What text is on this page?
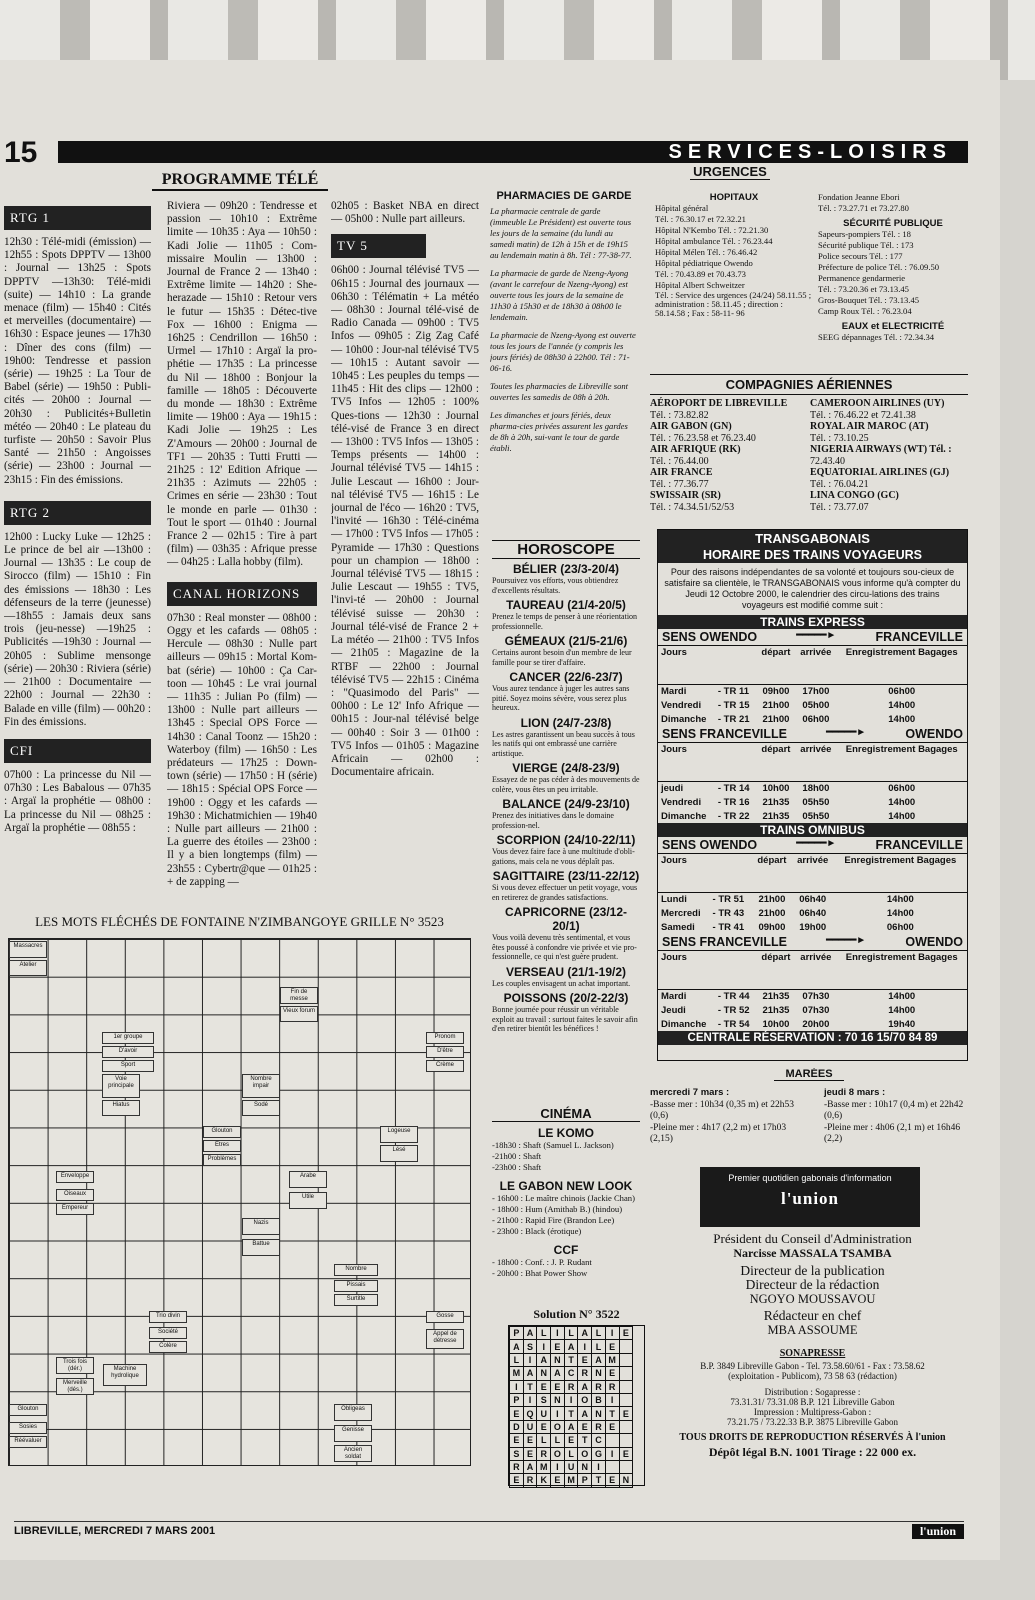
15	SERVICES-LOISIRS
PROGRAMME TÉLÉ
RTG 1

12h30 : Télé-midi (émission) —12h55 : Spots DPPTV — 13h00 : Journal — 13h25 : Spots DPPTV —13h30: Télé-midi (suite) — 14h10 : La grande menace (film) — 15h40 : Cités et merveilles (documentaire) — 16h30 : Espace jeunes — 17h30 : Dîner des cons (film) — 19h00: Tendresse et passion (série) — 19h25 : La Tour de Babel (série) — 19h50 : Publi-cités — 20h00 : Journal — 20h30 : Publicités+Bulletin météo — 20h40 : Le plateau du turfiste — 20h50 : Savoir Plus Santé — 21h50 : Angoisses (série) — 23h00 : Journal — 23h15 : Fin des émissions.

RTG 2

12h00 : Lucky Luke — 12h25 : Le prince de bel air —13h00 : Journal — 13h35 : Le coup de Sirocco (film) — 15h10 : Fin des émissions — 18h30 : Les défenseurs de la terre (jeunesse) —18h55 : Jamais deux sans trois (jeu-nesse) —19h25 : Publicités —19h30 : Journal — 20h05 : Sublime mensonge (série) — 20h30 : Riviera (série) — 21h00 : Documentaire — 22h00 : Journal — 22h30 : Balade en ville (film) — 00h20 : Fin des émissions.

CFI

07h00 : La princesse du Nil — 07h30 : Les Babalous — 07h35 : Argaï la prophétie — 08h00 : La princesse du Nil — 08h25 : Argaï la prophétie — 08h55 :

Riviera — 09h20 : Tendresse et passion — 10h10 : Extrême limite — 10h35 : Aya — 10h50 : Kadi Jolie — 11h05 : Com-missaire Moulin — 13h00 : Journal de France 2 — 13h40 : Extrême limite — 14h20 : She-herazade — 15h10 : Retour vers le futur — 15h35 : Détec-tive Fox — 16h00 : Enigma — 16h25 : Cendrillon — 16h50 : Urmel — 17h10 : Argaï la pro-phétie — 17h35 : La princesse du Nil — 18h00 : Bonjour la famille — 18h05 : Découverte du monde — 18h30 : Extrême limite — 19h00 : Aya — 19h15 : Kadi Jolie — 19h25 : Les Z'Amours — 20h00 : Journal de TF1 — 20h35 : Tutti Frutti — 21h25 : 12' Edition Afrique — 21h35 : Azimuts — 22h05 : Crimes en série — 23h30 : Tout le monde en parle — 01h30 : Tout le sport — 01h40 : Journal France 2 — 02h15 : Tire à part (film) — 03h35 : Afrique presse — 04h25 : Lalla hobby (film).

CANAL HORIZONS

07h30 : Real monster — 08h00 : Oggy et les cafards — 08h05 : Hercule — 08h30 : Nulle part ailleurs — 09h15 : Mortal Kom-bat (série) — 10h00 : Ça Car-toon — 10h45 : Le vrai journal — 11h35 : Julian Po (film) — 13h00 : Nulle part ailleurs — 13h45 : Special OPS Force — 14h30 : Canal Toonz — 15h20 : Waterboy (film) — 16h50 : Les prédateurs — 17h25 : Down-town (série) — 17h50 : H (série) — 18h15 : Spécial OPS Force — 19h00 : Oggy et les cafards — 19h30 : Michatmichien — 19h40 : Nulle part ailleurs — 21h00 : La guerre des étoiles — 23h00 : Il y a bien longtemps (film) — 23h55 : Cybertr@que — 01h25 : + de zapping —

02h05 : Basket NBA en direct — 05h00 : Nulle part ailleurs.

TV 5

06h00 : Journal télévisé TV5 — 06h15 : Journal des journaux — 06h30 : Télématin + La météo — 08h30 : Journal télé-visé de Radio Canada — 09h00 : TV5 Infos — 09h05 : Zig Zag Café — 10h00 : Jour-nal télévisé TV5 — 10h15 : Autant savoir — 10h45 : Les peuples du temps — 11h45 : Hit des clips — 12h00 : TV5 Infos — 12h05 : 100% Ques-tions — 12h30 : Journal télé-visé de France 3 en direct — 13h00 : TV5 Infos — 13h05 : Temps présents — 14h00 : Journal télévisé TV5 — 14h15 : Julie Lescaut — 16h00 : Jour-nal télévisé TV5 — 16h15 : Le journal de l'éco — 16h20 : TV5, l'invité — 16h30 : Télé-cinéma — 17h00 : TV5 Infos — 17h05 : Pyramide — 17h30 : Questions pour un champion — 18h00 : Journal télévisé TV5 — 18h15 : Julie Lescaut — 19h55 : TV5, l'invi-té — 20h00 : Journal télévisé suisse — 20h30 : Journal télé-visé de France 2 + La météo — 21h00 : TV5 Infos — 21h05 : Magazine de la RTBF — 22h00 : Journal télévisé TV5 — 22h15 : Cinéma : "Quasimodo del Paris" — 00h00 : Le 12' Info Afrique — 00h15 : Jour-nal télévisé belge — 00h40 : Soir 3 — 01h00 : TV5 Infos — 01h05 : Magazine Africain — 02h00 : Documentaire africain.

LES MOTS FLÉCHÉS DE FONTAINE N'ZIMBANGOYE GRILLE N° 3523
Massacres
Atelier
Fin de messe
Vieux forum
1er groupe
D'avoir
Sport
Voie principale
Hiatus
Nombre impair
Sodé
Pronom
D'être
Crème
Glouton
Etres
Problèmes
Logeuse
Lésé
Enveloppe
Oiseaux
Empereur
Arabe
Utile
Nazis
Battue
Nombre
Pissais
Surtitle
Trio divin
Société
Colère
Gosse
Appel de détresse
Trois fois (dér.)
Merveille (dés.)
Machine hydrolique
Glouton
Sosies
Réévaluer
Obligeas
Genisse
Ancien soldat
PHARMACIES DE GARDE

La pharmacie centrale de garde (immeuble Le Président) est ouverte tous les jours de la semaine (du lundi au samedi matin) de 12h à 15h et de 19h15 au lendemain matin à 8h. Tél : 77-38-77.

La pharmacie de garde de Nzeng-Ayong (avant le carrefour de Nzeng-Ayong) est ouverte tous les jours de la semaine de 11h30 à 15h30 et de 18h30 à 08h00 le lendemain.

La pharmacie de Nzeng-Ayong est ouverte tous les jours de l'année (y compris les jours fériés) de 08h30 à 22h00. Tél : 71-06-16.

Toutes les pharmacies de Libreville sont ouvertes les samedis de 08h à 20h.

Les dimanches et jours fériés, deux pharma-cies privées assurent les gardes de 8h à 20h, sui-vant le tour de garde établi.

HOROSCOPE
BÉLIER (23/3-20/4)

Poursuivez vos efforts, vous obtiendrez d'excellents résultats.

TAUREAU (21/4-20/5)

Prenez le temps de penser à une réorientation professionnelle.

GÉMEAUX (21/5-21/6)

Certains auront besoin d'un membre de leur famille pour se tirer d'affaire.

CANCER (22/6-23/7)

Vous aurez tendance à juger les autres sans pitié. Soyez moins sévère, vous serez plus heureux.

LION (24/7-23/8)

Les astres garantissent un beau succès à tous les natifs qui ont embrassé une carrière artistique.

VIERGE (24/8-23/9)

Essayez de ne pas céder à des mouvements de colère, vous êtes un peu irritable.

BALANCE (24/9-23/10)

Prenez des initiatives dans le domaine profession-nel.

SCORPION (24/10-22/11)

Vous devez faire face à une multitude d'obli-gations, mais cela ne vous déplaît pas.

SAGITTAIRE (23/11-22/12)

Si vous devez effectuer un petit voyage, vous en retirerez de grandes satisfactions.

CAPRICORNE (23/12-20/1)

Vous voilà devenu très sentimental, et vous êtes poussé à confondre vie privée et vie pro-fessionnelle, ce qui n'est guère prudent.

VERSEAU (21/1-19/2)

Les couples envisagent un achat important.

POISSONS (20/2-22/3)

Bonne journée pour réussir un véritable exploit au travail : surtout faites le savoir afin d'en retirer bientôt les bénéfices !

CINÉMA
LE KOMO

-18h30 : Shaft (Samuel L. Jackson)

-21h00 : Shaft

-23h00 : Shaft

LE GABON NEW LOOK

- 16h00 : Le maître chinois (Jackie Chan)

- 18h00 : Hum (Amithab B.) (hindou)

- 21h00 : Rapid Fire (Brandon Lee)

- 23h00 : Black (érotique)

CCF

- 18h00 : Conf. : J. P. Rudant

- 20h00 : Bhat Power Show

Solution N° 3522
P	A	L	I	L	A	L	I	E
A	S	I	E	A	I	L	E	
L	I	A	N	T	E	A	M	
M	A	N	A	C	R	N	E	
I	T	E	E	R	A	R	R	
P	I	S	N	I	O	B	I	
E	Q	U	I	T	A	N	T	E
D	U	E	O	A	E	R	E	
E	E	L	L	E	T	C		
S	E	R	O	L	O	G	I	E
R	A	M	I	U	N	I		
E	R	K	E	M	P	T	E	N
URGENCES
HOPITAUX

Hôpital général

Tél. : 76.30.17 et 72.32.21

Hôpital N'Kembo Tél. : 72.21.30

Hôpital ambulance Tél. : 76.23.44

Hôpital Mélen Tél. : 76.46.42

Hôpital pédiatrique Owendo

Tél. : 70.43.89 et 70.43.73

Hôpital Albert Schweitzer

Tél. : Service des urgences (24/24) 58.11.55 ; administration : 58.11.45 ; direction : 58.14.58 ; Fax : 58-11- 96

Fondation Jeanne Ebori

Tél. : 73.27.71 et 73.27.80

SÉCURITÉ PUBLIQUE

Sapeurs-pompiers Tél. : 18

Sécurité publique Tél. : 173

Police secours Tél. : 177

Préfecture de police Tél. : 76.09.50

Permanence gendarmerie

Tél. : 73.20.36 et 73.13.45

Gros-Bouquet Tél. : 73.13.45

Camp Roux Tél. : 76.23.04

EAUX et ELECTRICITÉ

SEEG dépannages Tél. : 72.34.34

COMPAGNIES AÉRIENNES
AÉROPORT DE LIBREVILLE
Tél. : 73.82.82
AIR GABON (GN)
Tél. : 76.23.58 et 76.23.40
AIR AFRIQUE (RK)
Tél. : 76.44.00
AIR FRANCE
Tél. : 77.36.77
SWISSAIR (SR)
Tél. : 74.34.51/52/53
CAMEROON AIRLINES (UY)
Tél. : 76.46.22 et 72.41.38
ROYAL AIR MAROC (AT)
Tél. : 73.10.25
NIGERIA AIRWAYS (WT) Tél. :
72.43.40
EQUATORIAL AIRLINES (GJ)
Tél. : 76.04.21
LINA CONGO (GC)
Tél. : 73.77.07
TRANSGABONAIS
HORAIRE DES TRAINS VOYAGEURS
Pour des raisons indépendantes de sa volonté et toujours sou-cieux de satisfaire sa clientèle, le TRANSGABONAIS vous informe qu'à compter du Jeudi 12 Octobre 2000, le calendrier des circu-lations des trains voyageurs est modifié comme suit :
TRAINS EXPRESS
SENS OWENDO	━━━━━►	FRANCEVILLE
Jours		départ	arrivée	Enregistrement Bagages
Mardi	- TR 11	09h00	17h00	06h00
Vendredi	- TR 15	21h00	05h00	14h00
Dimanche	- TR 21	21h00	06h00	14h00
SENS FRANCEVILLE	━━━━━►	OWENDO
Jours		départ	arrivée	Enregistrement Bagages
jeudi	- TR 14	10h00	18h00	06h00
Vendredi	- TR 16	21h35	05h50	14h00
Dimanche	- TR 22	21h35	05h50	14h00
TRAINS OMNIBUS
SENS OWENDO	━━━━━►	FRANCEVILLE
Jours		départ	arrivée	Enregistrement Bagages
Lundi	- TR 51	21h00	06h40	14h00
Mercredi	- TR 43	21h00	06h40	14h00
Samedi	- TR 41	09h00	19h00	06h00
SENS FRANCEVILLE	━━━━━►	OWENDO
Jours		départ	arrivée	Enregistrement Bagages
Mardi	- TR 44	21h35	07h30	14h00
Jeudi	- TR 52	21h35	07h30	14h00
Dimanche	- TR 54	10h00	20h00	19h40
CENTRALE RÉSERVATION : 70 16 15/70 84 89
MARÉES
mercredi 7 mars :

-Basse mer : 10h34 (0,35 m) et 22h53 (0,6)

-Pleine mer : 4h17 (2,2 m) et 17h03 (2,15)

jeudi 8 mars :

-Basse mer : 10h17 (0,4 m) et 22h42 (0,6)

-Pleine mer : 4h06 (2,1 m) et 16h46 (2,2)

Premier quotidien gabonais d'information
l'union
Président du Conseil d'Administration
Narcisse MASSALA TSAMBA
Directeur de la publication
Directeur de la rédaction
NGOYO MOUSSAVOU
Rédacteur en chef
MBA ASSOUME
SONAPRESSE
B.P. 3849 Libreville Gabon - Tel. 73.58.60/61 - Fax : 73.58.62
(exploitation - Publicom), 73 58 63 (rédaction)
Distribution : Sogapresse :
73.31.31/ 73.31.08 B.P. 121 Libreville Gabon
Impression : Multipress-Gabon :
73.21.75 / 73.22.33 B.P. 3875 Libreville Gabon
TOUS DROITS DE REPRODUCTION RÉSERVÉS À l'union
Dépôt légal B.N. 1001 Tirage : 22 000 ex.
LIBREVILLE, MERCREDI 7 MARS 2001	l'union
